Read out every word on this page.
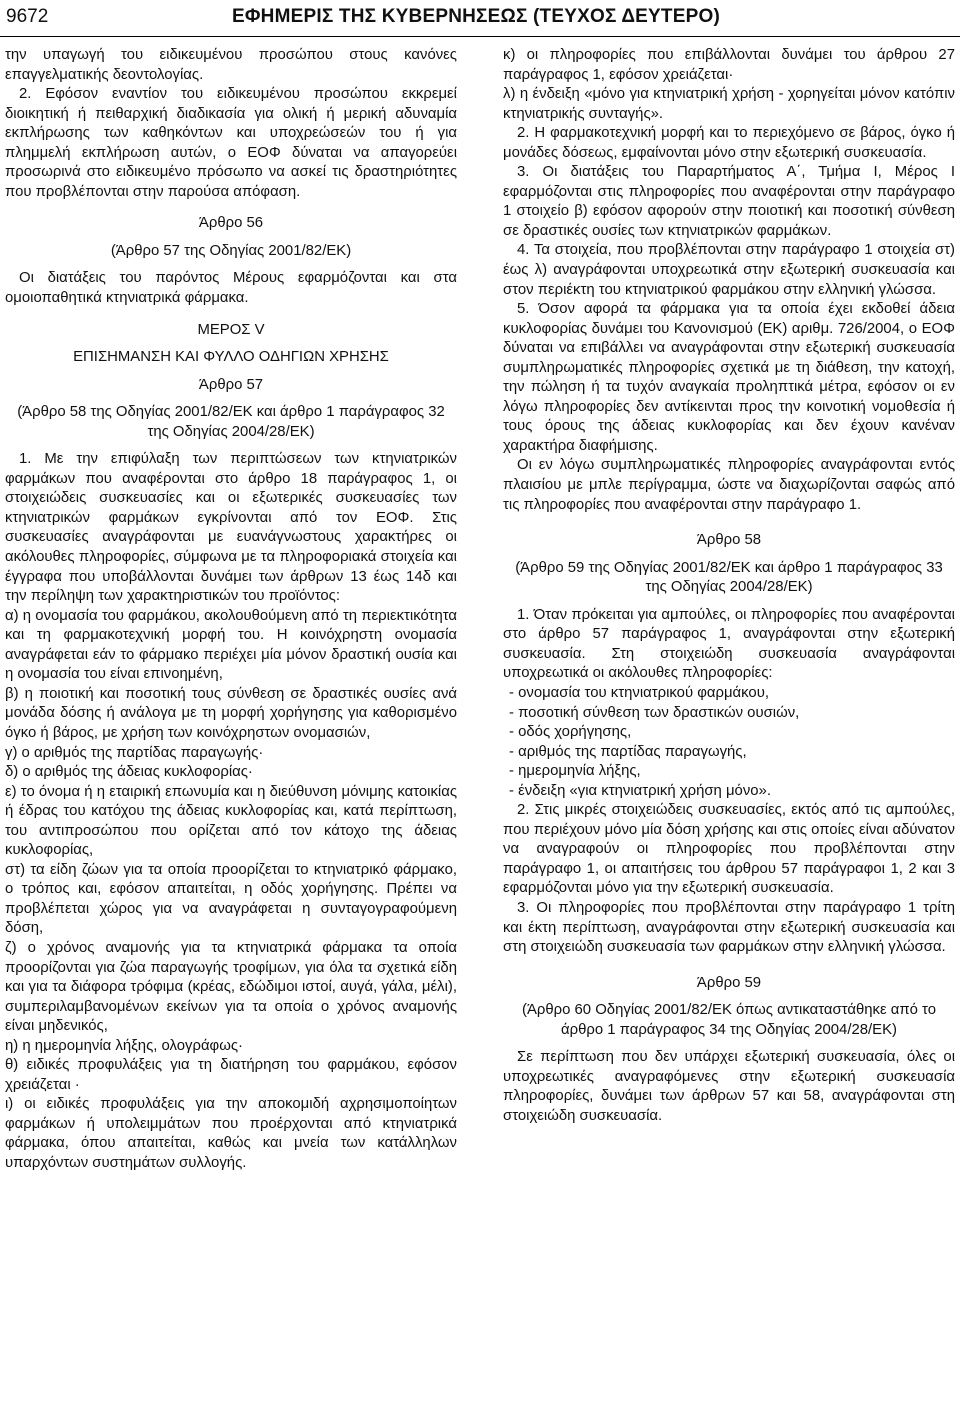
9672	ΕΦΗΜΕΡΙΣ ΤΗΣ ΚΥΒΕΡΝΗΣΕΩΣ (ΤΕΥΧΟΣ ΔΕΥΤΕΡΟ)

την υπαγωγή του ειδικευμένου προσώπου στους κανόνες επαγγελματικής δεοντολογίας.

2. Εφόσον εναντίον του ειδικευμένου προσώπου εκκρεμεί διοικητική ή πειθαρχική διαδικασία για ολική ή μερική αδυναμία εκπλήρωσης των καθηκόντων και υποχρεώσεών του ή για πλημμελή εκπλήρωση αυτών, ο ΕΟΦ δύναται να απαγορεύει προσωρινά στο ειδικευμένο πρόσωπο να ασκεί τις δραστηριότητες που προβλέπονται στην παρούσα απόφαση.

Άρθρο 56

(Άρθρο 57 της Οδηγίας 2001/82/ΕΚ)

Οι διατάξεις του παρόντος Μέρους εφαρμόζονται και στα ομοιοπαθητικά κτηνιατρικά φάρμακα.

ΜΕΡΟΣ V

ΕΠΙΣΗΜΑΝΣΗ ΚΑΙ ΦΥΛΛΟ ΟΔΗΓΙΩΝ ΧΡΗΣΗΣ

Άρθρο 57

(Άρθρο 58 της Οδηγίας 2001/82/ΕΚ και άρθρο 1 παράγραφος 32 της Οδηγίας 2004/28/ΕΚ)

1. Με την επιφύλαξη των περιπτώσεων των κτηνιατρικών φαρμάκων που αναφέρονται στο άρθρο 18 παράγραφος 1, οι στοιχειώδεις συσκευασίες και οι εξωτερικές συσκευασίες των κτηνιατρικών φαρμάκων εγκρίνονται από τον ΕΟΦ. Στις συσκευασίες αναγράφονται με ευανάγνωστους χαρακτήρες οι ακόλουθες πληροφορίες, σύμφωνα με τα πληροφοριακά στοιχεία και έγγραφα που υποβάλλονται δυνάμει των άρθρων 13 έως 14δ και την περίληψη των χαρακτηριστικών του προϊόντος:

α) η ονομασία του φαρμάκου, ακολουθούμενη από τη περιεκτικότητα και τη φαρμακοτεχνική μορφή του. Η κοινόχρηστη ονομασία αναγράφεται εάν το φάρμακο περιέχει μία μόνον δραστική ουσία και η ονομασία του είναι επινοημένη,

β) η ποιοτική και ποσοτική τους σύνθεση σε δραστικές ουσίες ανά μονάδα δόσης ή ανάλογα με τη μορφή χορήγησης για καθορισμένο όγκο ή βάρος, με χρήση των κοινόχρηστων ονομασιών,

γ) ο αριθμός της παρτίδας παραγωγής·

δ) ο αριθμός της άδειας κυκλοφορίας·

ε) το όνομα ή η εταιρική επωνυμία και η διεύθυνση μόνιμης κατοικίας ή έδρας του κατόχου της άδειας κυκλοφορίας και, κατά περίπτωση, του αντιπροσώπου που ορίζεται από τον κάτοχο της άδειας κυκλοφορίας,

στ) τα είδη ζώων για τα οποία προορίζεται το κτηνιατρικό φάρμακο, ο τρόπος και, εφόσον απαιτείται, η οδός χορήγησης. Πρέπει να προβλέπεται χώρος για να αναγράφεται η συνταγογραφούμενη δόση,

ζ) ο χρόνος αναμονής για τα κτηνιατρικά φάρμακα τα οποία προορίζονται για ζώα παραγωγής τροφίμων, για όλα τα σχετικά είδη και για τα διάφορα τρόφιμα (κρέας, εδώδιμοι ιστοί, αυγά, γάλα, μέλι), συμπεριλαμβανομένων εκείνων για τα οποία ο χρόνος αναμονής είναι μηδενικός,

η) η ημερομηνία λήξης, ολογράφως·

θ) ειδικές προφυλάξεις για τη διατήρηση του φαρμάκου, εφόσον χρειάζεται ·

ι) οι ειδικές προφυλάξεις για την αποκομιδή αχρησιμοποίητων φαρμάκων ή υπολειμμάτων που προέρχονται από κτηνιατρικά φάρμακα, όπου απαιτείται, καθώς και μνεία των κατάλληλων υπαρχόντων συστημάτων συλλογής.

κ) οι πληροφορίες που επιβάλλονται δυνάμει του άρθρου 27 παράγραφος 1, εφόσον χρειάζεται·

λ) η ένδειξη «μόνο για κτηνιατρική χρήση - χορηγείται μόνον κατόπιν κτηνιατρικής συνταγής».

2. Η φαρμακοτεχνική μορφή και το περιεχόμενο σε βάρος, όγκο ή μονάδες δόσεως, εμφαίνονται μόνο στην εξωτερική συσκευασία.

3. Οι διατάξεις του Παραρτήματος Α΄, Τμήμα Ι, Μέρος Ι εφαρμόζονται στις πληροφορίες που αναφέρονται στην παράγραφο 1 στοιχείο β) εφόσον αφορούν στην ποιοτική και ποσοτική σύνθεση σε δραστικές ουσίες των κτηνιατρικών φαρμάκων.

4. Τα στοιχεία, που προβλέπονται στην παράγραφο 1 στοιχεία στ) έως λ) αναγράφονται υποχρεωτικά στην εξωτερική συσκευασία και στον περιέκτη του κτηνιατρικού φαρμάκου στην ελληνική γλώσσα.

5. Όσον αφορά τα φάρμακα για τα οποία έχει εκδοθεί άδεια κυκλοφορίας δυνάμει του Κανονισμού (ΕΚ) αριθμ. 726/2004, ο ΕΟΦ δύναται να επιβάλλει να αναγράφονται στην εξωτερική συσκευασία συμπληρωματικές πληροφορίες σχετικά με τη διάθεση, την κατοχή, την πώληση ή τα τυχόν αναγκαία προληπτικά μέτρα, εφόσον οι εν λόγω πληροφορίες δεν αντίκεινται προς την κοινοτική νομοθεσία ή τους όρους της άδειας κυκλοφορίας και δεν έχουν κανέναν χαρακτήρα διαφήμισης.

Οι εν λόγω συμπληρωματικές πληροφορίες αναγράφονται εντός πλαισίου με μπλε περίγραμμα, ώστε να διαχωρίζονται σαφώς από τις πληροφορίες που αναφέρονται στην παράγραφο 1.

Άρθρο 58

(Άρθρο 59 της Οδηγίας 2001/82/ΕΚ και άρθρο 1 παράγραφος 33 της Οδηγίας 2004/28/ΕΚ)

1. Όταν πρόκειται για αμπούλες, οι πληροφορίες που αναφέρονται στο άρθρο 57 παράγραφος 1, αναγράφονται στην εξωτερική συσκευασία. Στη στοιχειώδη συσκευασία αναγράφονται υποχρεωτικά οι ακόλουθες πληροφορίες:

- ονομασία του κτηνιατρικού φαρμάκου,

- ποσοτική σύνθεση των δραστικών ουσιών,

- οδός χορήγησης,

- αριθμός της παρτίδας παραγωγής,

- ημερομηνία λήξης,

- ένδειξη «για κτηνιατρική χρήση μόνο».

2. Στις μικρές στοιχειώδεις συσκευασίες, εκτός από τις αμπούλες, που περιέχουν μόνο μία δόση χρήσης και στις οποίες είναι αδύνατον να αναγραφούν οι πληροφορίες που προβλέπονται στην παράγραφο 1, οι απαιτήσεις του άρθρου 57 παράγραφοι 1, 2 και 3 εφαρμόζονται μόνο για την εξωτερική συσκευασία.

3. Οι πληροφορίες που προβλέπονται στην παράγραφο 1 τρίτη και έκτη περίπτωση, αναγράφονται στην εξωτερική συσκευασία και στη στοιχειώδη συσκευασία των φαρμάκων στην ελληνική γλώσσα.

Άρθρο 59

(Άρθρο 60 Οδηγίας 2001/82/ΕΚ όπως αντικαταστάθηκε από το άρθρο 1 παράγραφος 34 της Οδηγίας 2004/28/ΕΚ)

Σε περίπτωση που δεν υπάρχει εξωτερική συσκευασία, όλες οι υποχρεωτικές αναγραφόμενες στην εξωτερική συσκευασία πληροφορίες, δυνάμει των άρθρων 57 και 58, αναγράφονται στη στοιχειώδη συσκευασία.
